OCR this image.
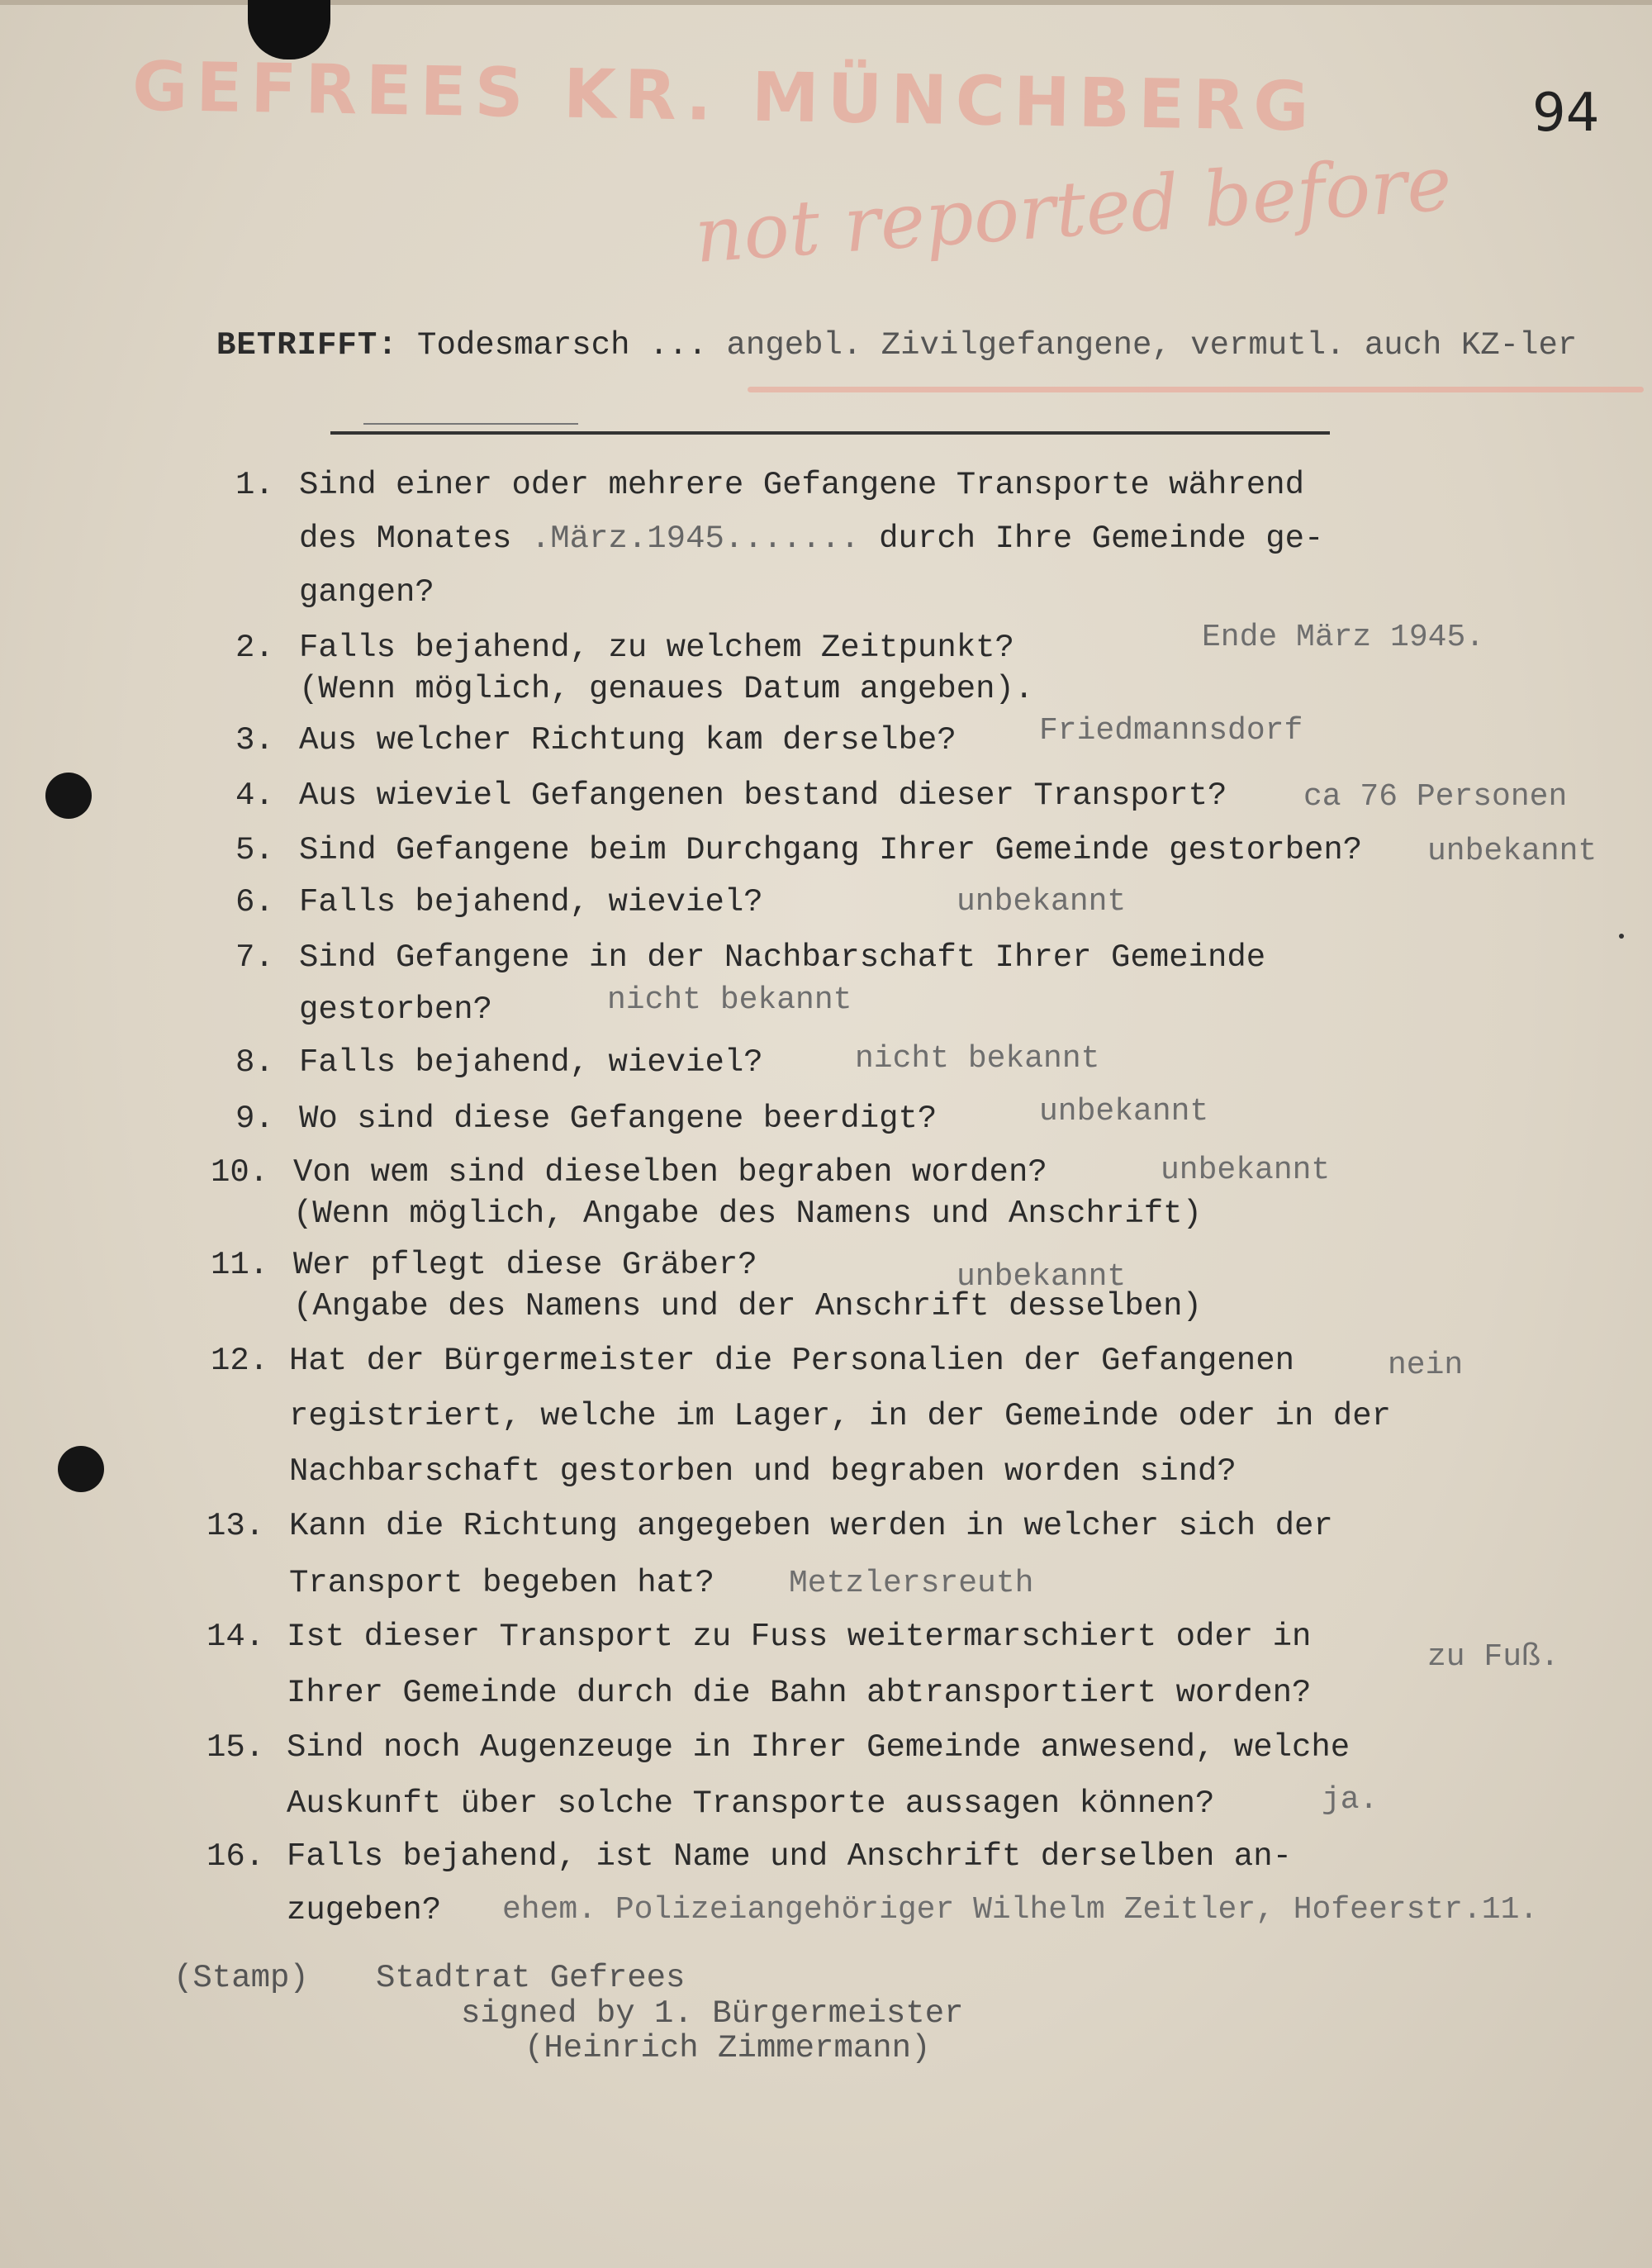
GEFREES KR. MÜNCHBERG	94
not reported before
BETRIFFT: Todesmarsch ... angebl. Zivilgefangene, vermutl. auch KZ-ler
1. Sind einer oder mehrere Gefangene Transporte während
des Monates .März.1945....... durch Ihre Gemeinde ge-
gangen?
2. Falls bejahend, zu welchem Zeitpunkt?
(Wenn möglich, genaues Datum angeben).
Ende März 1945.
3. Aus welcher Richtung kam derselbe?	Friedmannsdorf
4. Aus wieviel Gefangenen bestand dieser Transport? ca 76 Personen
5. Sind Gefangene beim Durchgang Ihrer Gemeinde gestorben? unbekannt
6. Falls bejahend, wieviel?	unbekannt
7. Sind Gefangene in der Nachbarschaft Ihrer Gemeinde
gestorben?	nicht bekannt
8. Falls bejahend, wieviel?	nicht bekannt
9. Wo sind diese Gefangene beerdigt?	unbekannt
10. Von wem sind dieselben begraben worden?
(Wenn möglich, Angabe des Namens und Anschrift)
unbekannt
11. Wer pflegt diese Gräber?
(Angabe des Namens und der Anschrift desselben)
unbekannt
12. Hat der Bürgermeister die Personalien der Gefangenen
registriert, welche im Lager, in der Gemeinde oder in der
Nachbarschaft gestorben und begraben worden sind?
nein
13. Kann die Richtung angegeben werden in welcher sich der
Transport begeben hat? Metzlersreuth
14. Ist dieser Transport zu Fuss weitermarschiert oder in
Ihrer Gemeinde durch die Bahn abtransportiert worden?
zu Fuß.
15. Sind noch Augenzeuge in Ihrer Gemeinde anwesend, welche
Auskunft über solche Transporte aussagen können?	ja.
16. Falls bejahend, ist Name und Anschrift derselben an-
zugeben? ehem. Polizeiangehöriger Wilhelm Zeitler, Hofeerstr.11.
(Stamp) Stadtrat Gefrees
signed by 1. Bürgermeister
(Heinrich Zimmermann)
